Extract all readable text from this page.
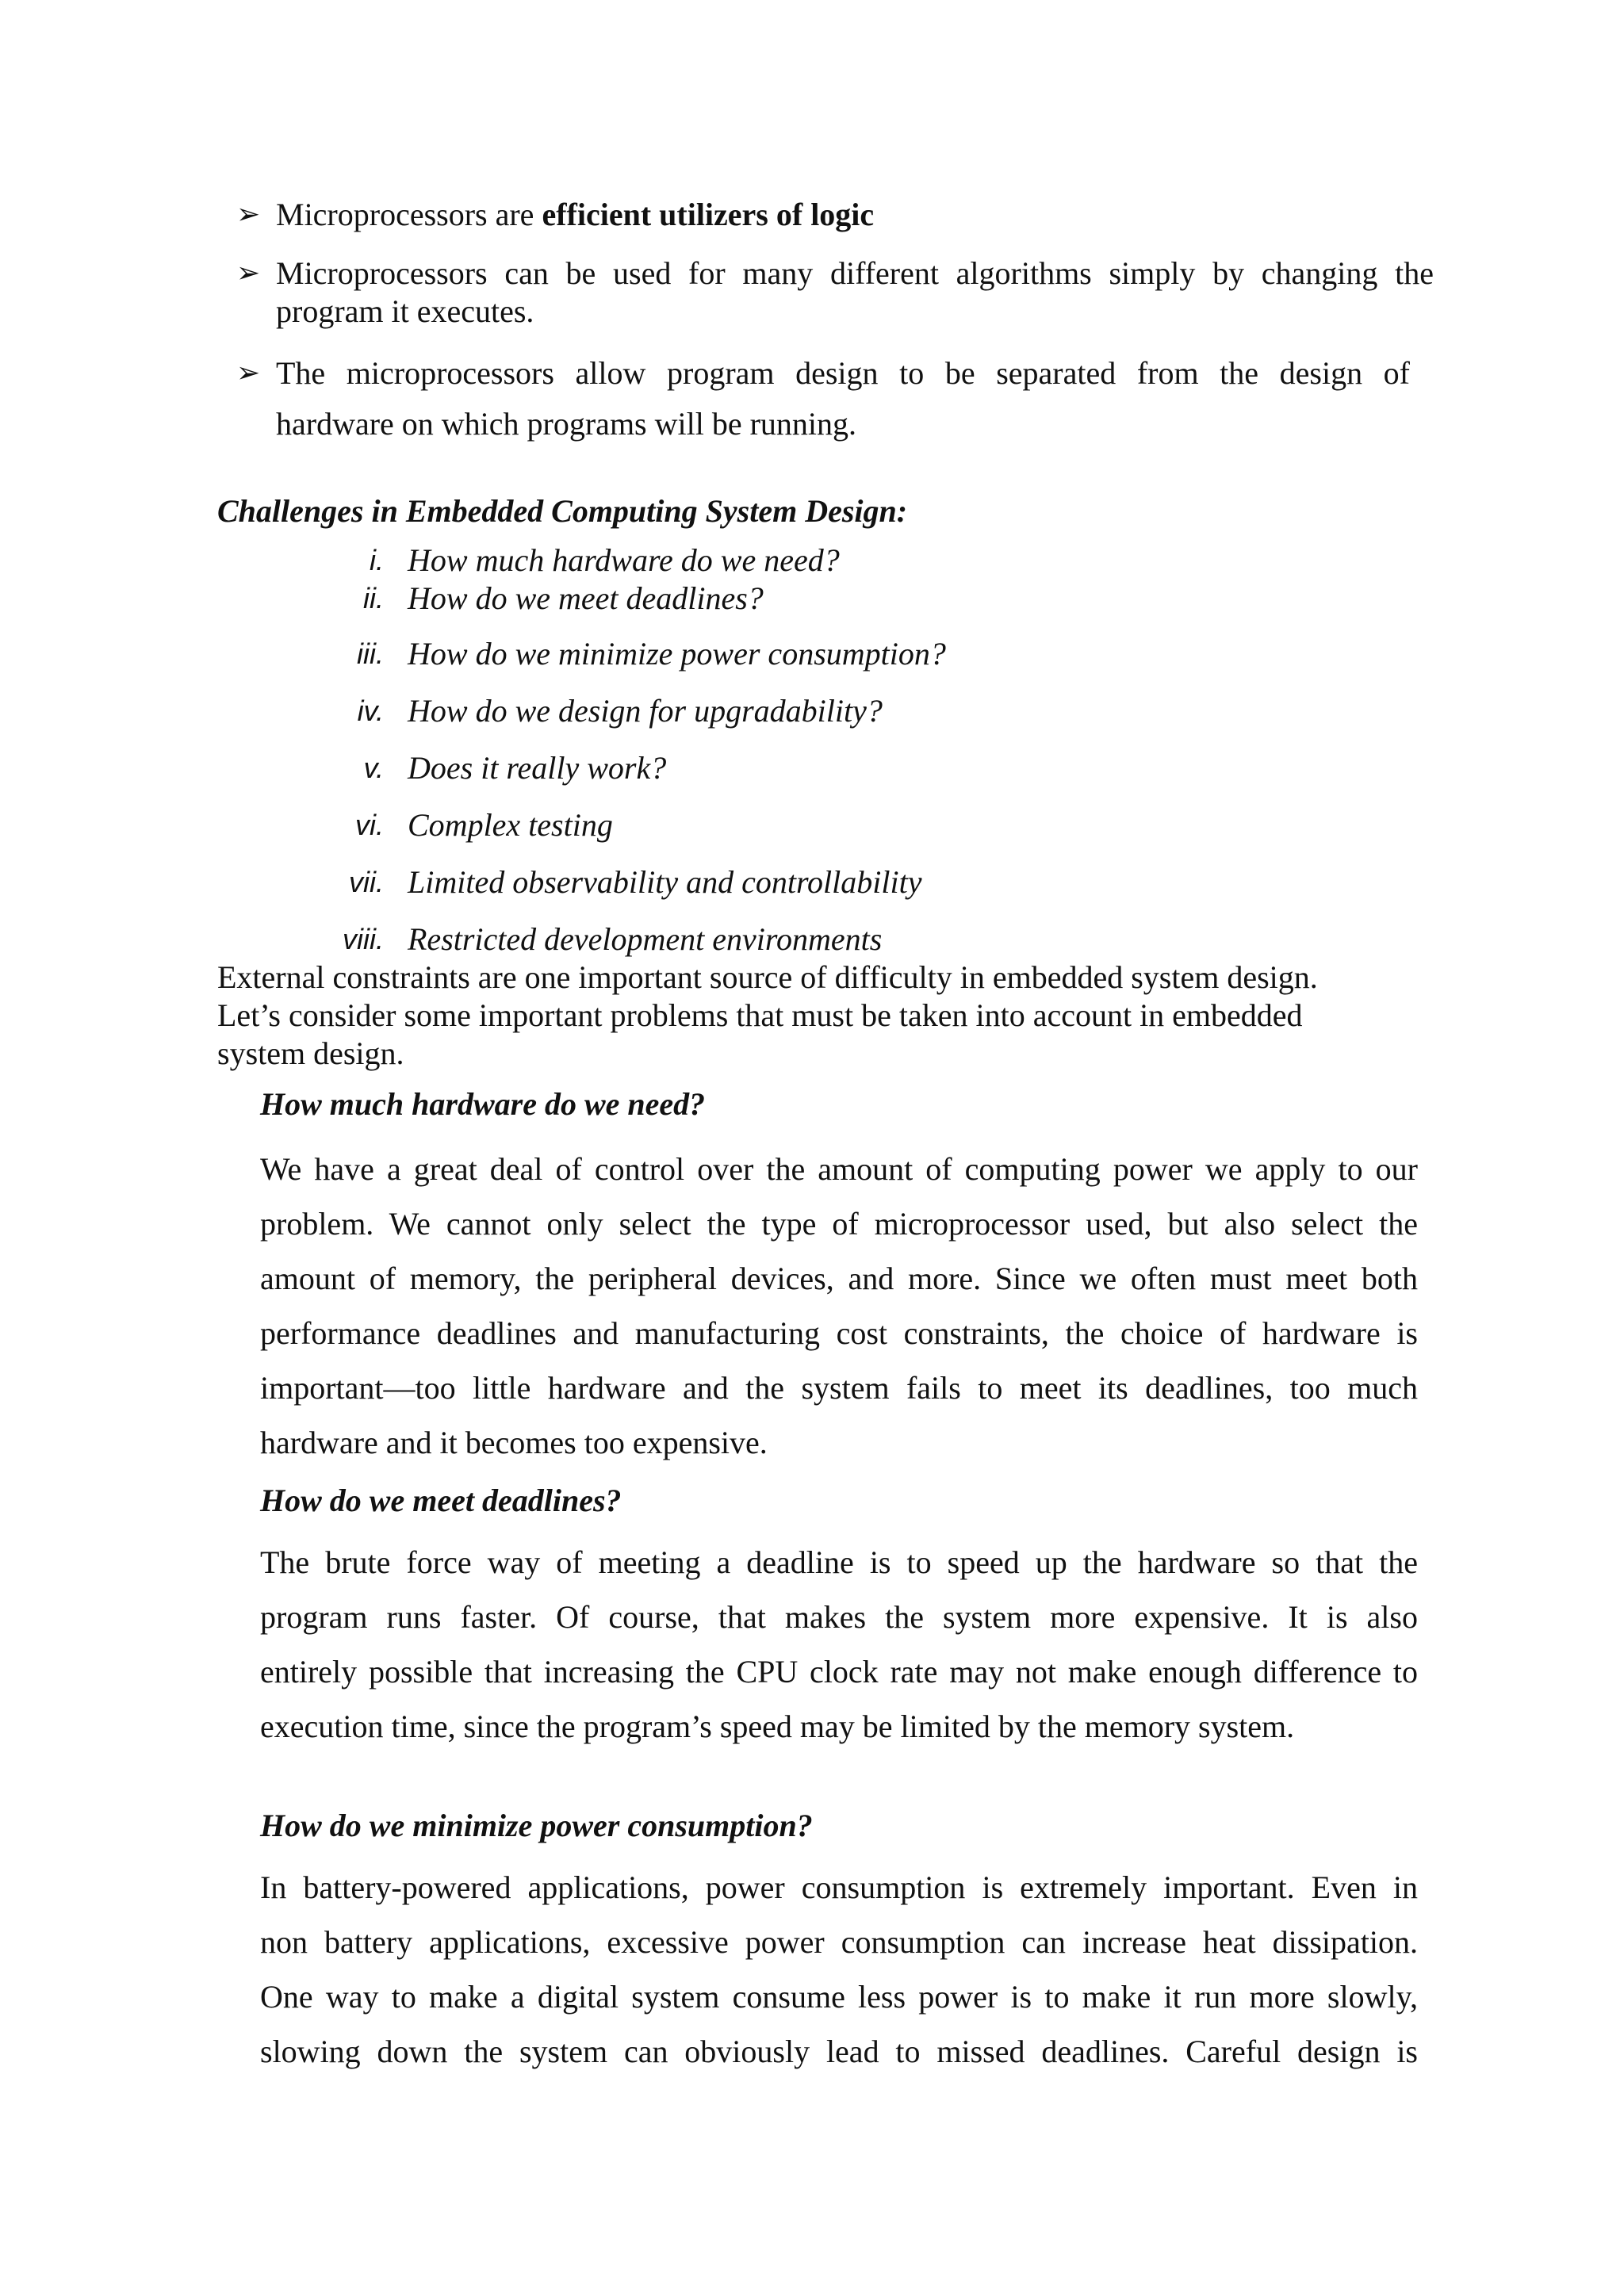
➢ Microprocessors are efficient utilizers of logic
➢ Microprocessors can be used for many different algorithms simply by changing the
program it executes.
➢ The microprocessors allow program design to be separated from the design of
hardware on which programs will be running.
Challenges in Embedded Computing System Design:
i. How much hardware do we need?
ii. How do we meet deadlines?
iii. How do we minimize power consumption?
iv. How do we design for upgradability?
v. Does it really work?
vi. Complex testing
vii. Limited observability and controllability
viii. Restricted development environments
External constraints are one important source of difficulty in embedded system design.
Let’s consider some important problems that must be taken into account in embedded
system design.
How much hardware do we need?
We have a great deal of control over the amount of computing power we apply to our
problem. We cannot only select the type of microprocessor used, but also select the
amount of memory, the peripheral devices, and more. Since we often must meet both
performance deadlines and manufacturing cost constraints, the choice of hardware is
important—too little hardware and the system fails to meet its deadlines, too much
hardware and it becomes too expensive.
How do we meet deadlines?
The brute force way of meeting a deadline is to speed up the hardware so that the
program runs faster. Of course, that makes the system more expensive. It is also
entirely possible that increasing the CPU clock rate may not make enough difference to
execution time, since the program’s speed may be limited by the memory system.
How do we minimize power consumption?
In battery-powered applications, power consumption is extremely important. Even in
non battery applications, excessive power consumption can increase heat dissipation.
One way to make a digital system consume less power is to make it run more slowly,
slowing down the system can obviously lead to missed deadlines. Careful design is
